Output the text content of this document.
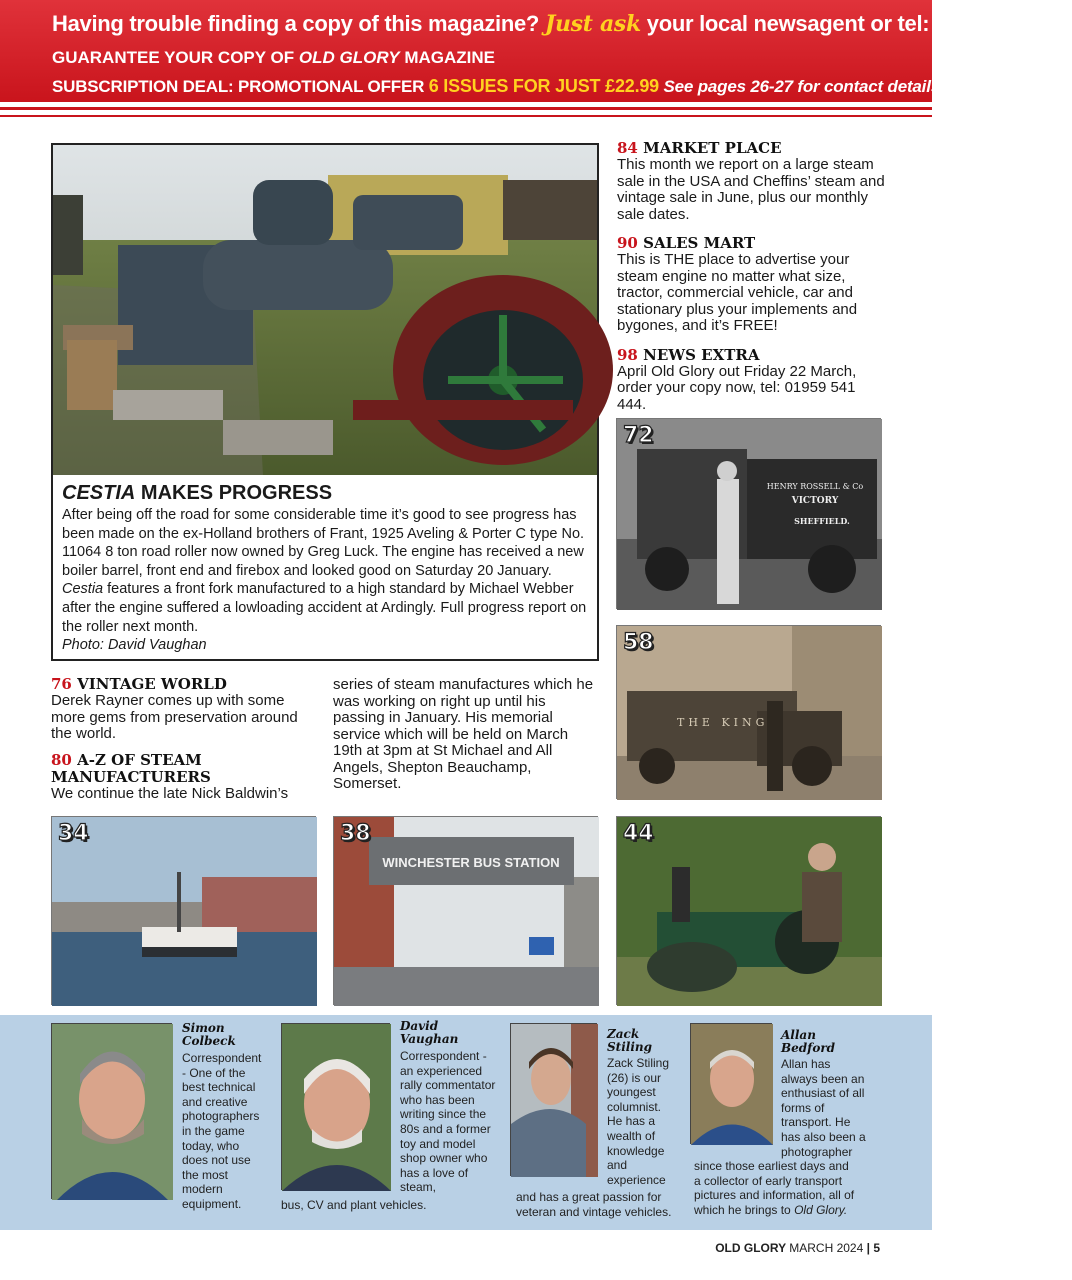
Having trouble finding a copy of this magazine? Just ask your local newsagent or tel: 01959 541444
GUARANTEE YOUR COPY OF OLD GLORY MAGAZINE
SUBSCRIPTION DEAL: PROMOTIONAL OFFER 6 ISSUES FOR JUST £22.99 See pages 26-27 for contact details
CESTIA MAKES PROGRESS
After being off the road for some considerable time it’s good to see progress has been made on the ex-Holland brothers of Frant, 1925 Aveling & Porter C type No. 11064 8 ton road roller now owned by Greg Luck. The engine has received a new boiler barrel, front end and firebox and looked good on Saturday 20 January. Cestia features a front fork manufactured to a high standard by Michael Webber after the engine suffered a lowloading accident at Ardingly. Full progress report on the roller next month.
Photo: David Vaughan
84 MARKET PLACE
This month we report on a large steam sale in the USA and Cheffins’ steam and vintage sale in June, plus our monthly sale dates.
90 SALES MART
This is THE place to advertise your steam engine no matter what size, tractor, commercial vehicle, car and stationary plus your implements and bygones, and it’s FREE!
98 NEWS EXTRA
April Old Glory out Friday 22 March, order your copy now, tel: 01959 541 444.
HENRY ROSSELL & Co
VICTORY
SHEFFIELD.
72
THE KING
58
76 VINTAGE WORLD
Derek Rayner comes up with some more gems from preservation around the world.
80 A-Z OF STEAM MANUFACTURERS
We continue the late Nick Baldwin’s
series of steam manufactures which he was working on right up until his passing in January. His memorial service which will be held on March 19th at 3pm at St Michael and All Angels, Shepton Beauchamp, Somerset.
34
WINCHESTER BUS STATION
38	44
Simon
Colbeck
Correspondent - One of the best technical and creative photographers in the game today, who does not use the most modern equipment.
David
Vaughan
Correspondent - an experienced rally commentator who has been writing since the 80s and a former toy and model shop owner who has a love of steam,
bus, CV and plant vehicles.
Zack
Stiling
Zack Stiling (26) is our youngest columnist. He has a wealth of knowledge and experience
and has a great passion for veteran and vintage vehicles.
Allan
Bedford
Allan has always been an enthusiast of all forms of transport. He has also been a photographer
since those earliest days and
a collector of early transport
pictures and information, all of
which he brings to Old Glory.
OLD GLORY MARCH 2024 | 5
